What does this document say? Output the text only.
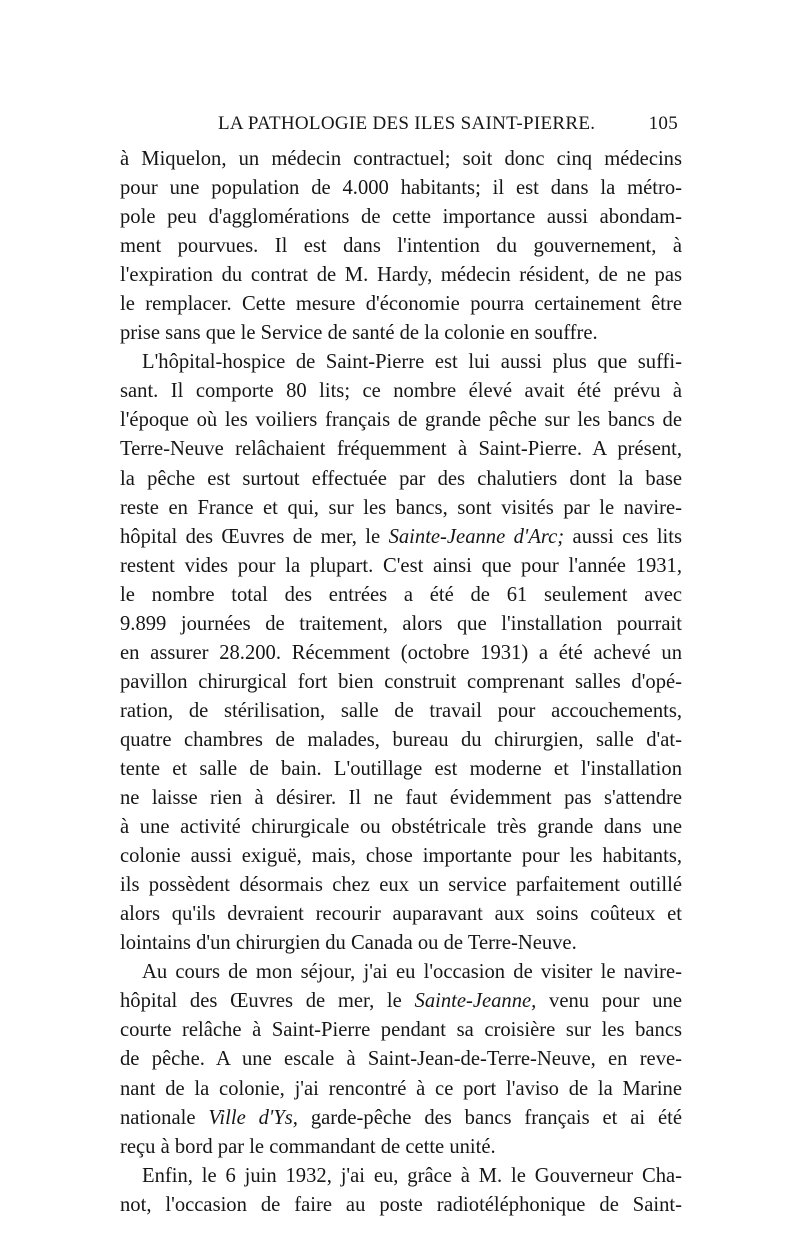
LA PATHOLOGIE DES ILES SAINT-PIERRE.	105

à Miquelon, un médecin contractuel; soit donc cinq médecins
pour une population de 4.000 habitants; il est dans la métro-
pole peu d'agglomérations de cette importance aussi abondam-
ment pourvues. Il est dans l'intention du gouvernement, à
l'expiration du contrat de M. Hardy, médecin résident, de ne pas
le remplacer. Cette mesure d'économie pourra certainement être
prise sans que le Service de santé de la colonie en souffre.

L'hôpital-hospice de Saint-Pierre est lui aussi plus que suffi-
sant. Il comporte 80 lits; ce nombre élevé avait été prévu à
l'époque où les voiliers français de grande pêche sur les bancs de
Terre-Neuve relâchaient fréquemment à Saint-Pierre. A présent,
la pêche est surtout effectuée par des chalutiers dont la base
reste en France et qui, sur les bancs, sont visités par le navire-
hôpital des Œuvres de mer, le Sainte-Jeanne d'Arc; aussi ces lits
restent vides pour la plupart. C'est ainsi que pour l'année 1931,
le nombre total des entrées a été de 61 seulement avec
9.899 journées de traitement, alors que l'installation pourrait
en assurer 28.200. Récemment (octobre 1931) a été achevé un
pavillon chirurgical fort bien construit comprenant salles d'opé-
ration, de stérilisation, salle de travail pour accouchements,
quatre chambres de malades, bureau du chirurgien, salle d'at-
tente et salle de bain. L'outillage est moderne et l'installation
ne laisse rien à désirer. Il ne faut évidemment pas s'attendre
à une activité chirurgicale ou obstétricale très grande dans une
colonie aussi exiguë, mais, chose importante pour les habitants,
ils possèdent désormais chez eux un service parfaitement outillé
alors qu'ils devraient recourir auparavant aux soins coûteux et
lointains d'un chirurgien du Canada ou de Terre-Neuve.

Au cours de mon séjour, j'ai eu l'occasion de visiter le navire-
hôpital des Œuvres de mer, le Sainte-Jeanne, venu pour une
courte relâche à Saint-Pierre pendant sa croisière sur les bancs
de pêche. A une escale à Saint-Jean-de-Terre-Neuve, en reve-
nant de la colonie, j'ai rencontré à ce port l'aviso de la Marine
nationale Ville d'Ys, garde-pêche des bancs français et ai été
reçu à bord par le commandant de cette unité.

Enfin, le 6 juin 1932, j'ai eu, grâce à M. le Gouverneur Cha-
not, l'occasion de faire au poste radiotéléphonique de Saint-
